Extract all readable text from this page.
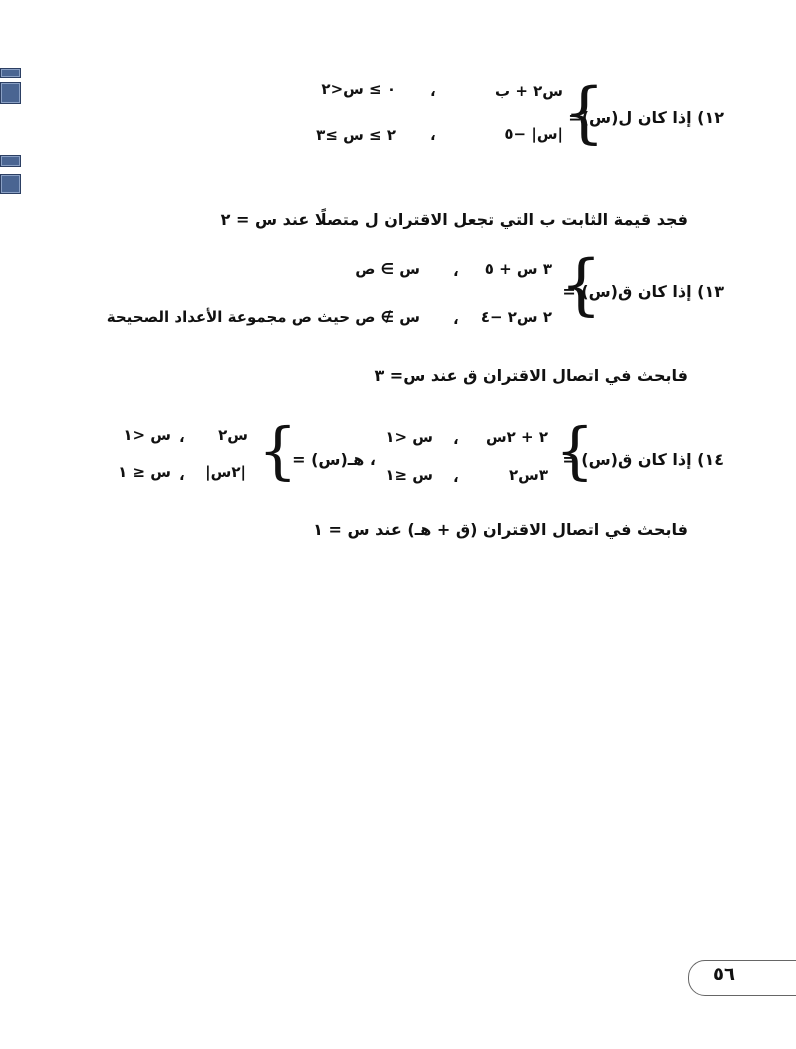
١٢) إذا كان ل(س)=
{
س٢ + ب
،
٠ ≥ س<٢
|س| −٥
،
٢ ≥ س ≥٣
فجد قيمة الثابت ب التي تجعل الاقتران ل متصلًا عند س = ٢
١٣) إذا كان ق(س) =
{
٣ س + ٥
،
س ∋ ص
٢ س٢ −٤
،
س ∌ ص حيث ص مجموعة الأعداد الصحيحة
فابحث في اتصال الاقتران ق عند س= ٣
١٤) إذا كان ق(س) =
{
٢ + ٢س
،
س <١
٣س٢
،
س ≤١
، هـ(س) =
{
س٢
،
س <١
|٢س|
،
س ≤ ١
فابحث في اتصال الاقتران (ق + هـ) عند س = ١
٥٦
